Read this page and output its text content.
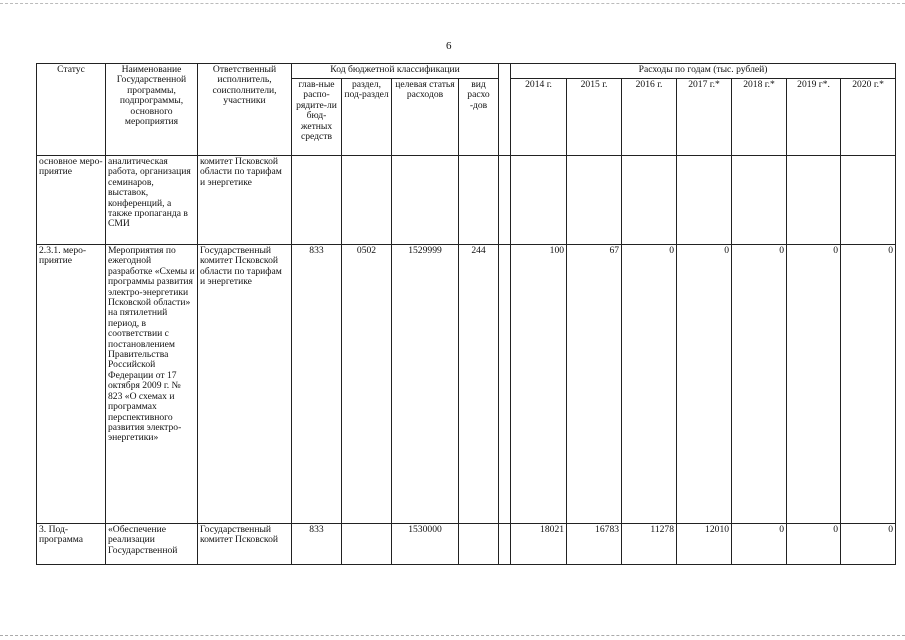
6
Статус	Наименование Государственной программы, подпрограммы, основного мероприятия	Ответственный исполнитель, соисполнители, участники	Код бюджетной классификации					Расходы по годам (тыс. рублей)						
			глав-ные распо-рядите-ли бюд-жетных средств	раздел, под-раздел	целевая статья расходов	вид расхо -дов		2014 г.	2015 г.	2016 г.	2017 г.*	2018 г.*	2019 г*.	2020 г.*
основное меро-приятие	аналитическая работа, организация семинаров, выставок, конференций, а также пропаганда в СМИ	комитет Псковской области по тарифам и энергетике												
2.3.1. меро-приятие	Мероприятия по ежегодной разработке «Схемы и программы развития электро-энергетики Псковской области» на пятилетний период, в соответствии с постановлением Правительства Российской Федерации от 17 октября 2009 г. № 823 «О схемах и программах перспективного развития электро-энергетики»	Государственный комитет Псковской области по тарифам и энергетике	833	0502	1529999	244		100	67	0	0	0	0	0
3. Под-программа	«Обеспечение реализации Государственной	Государственный комитет Псковской	833		1530000			18021	16783	11278	12010	0	0	0
